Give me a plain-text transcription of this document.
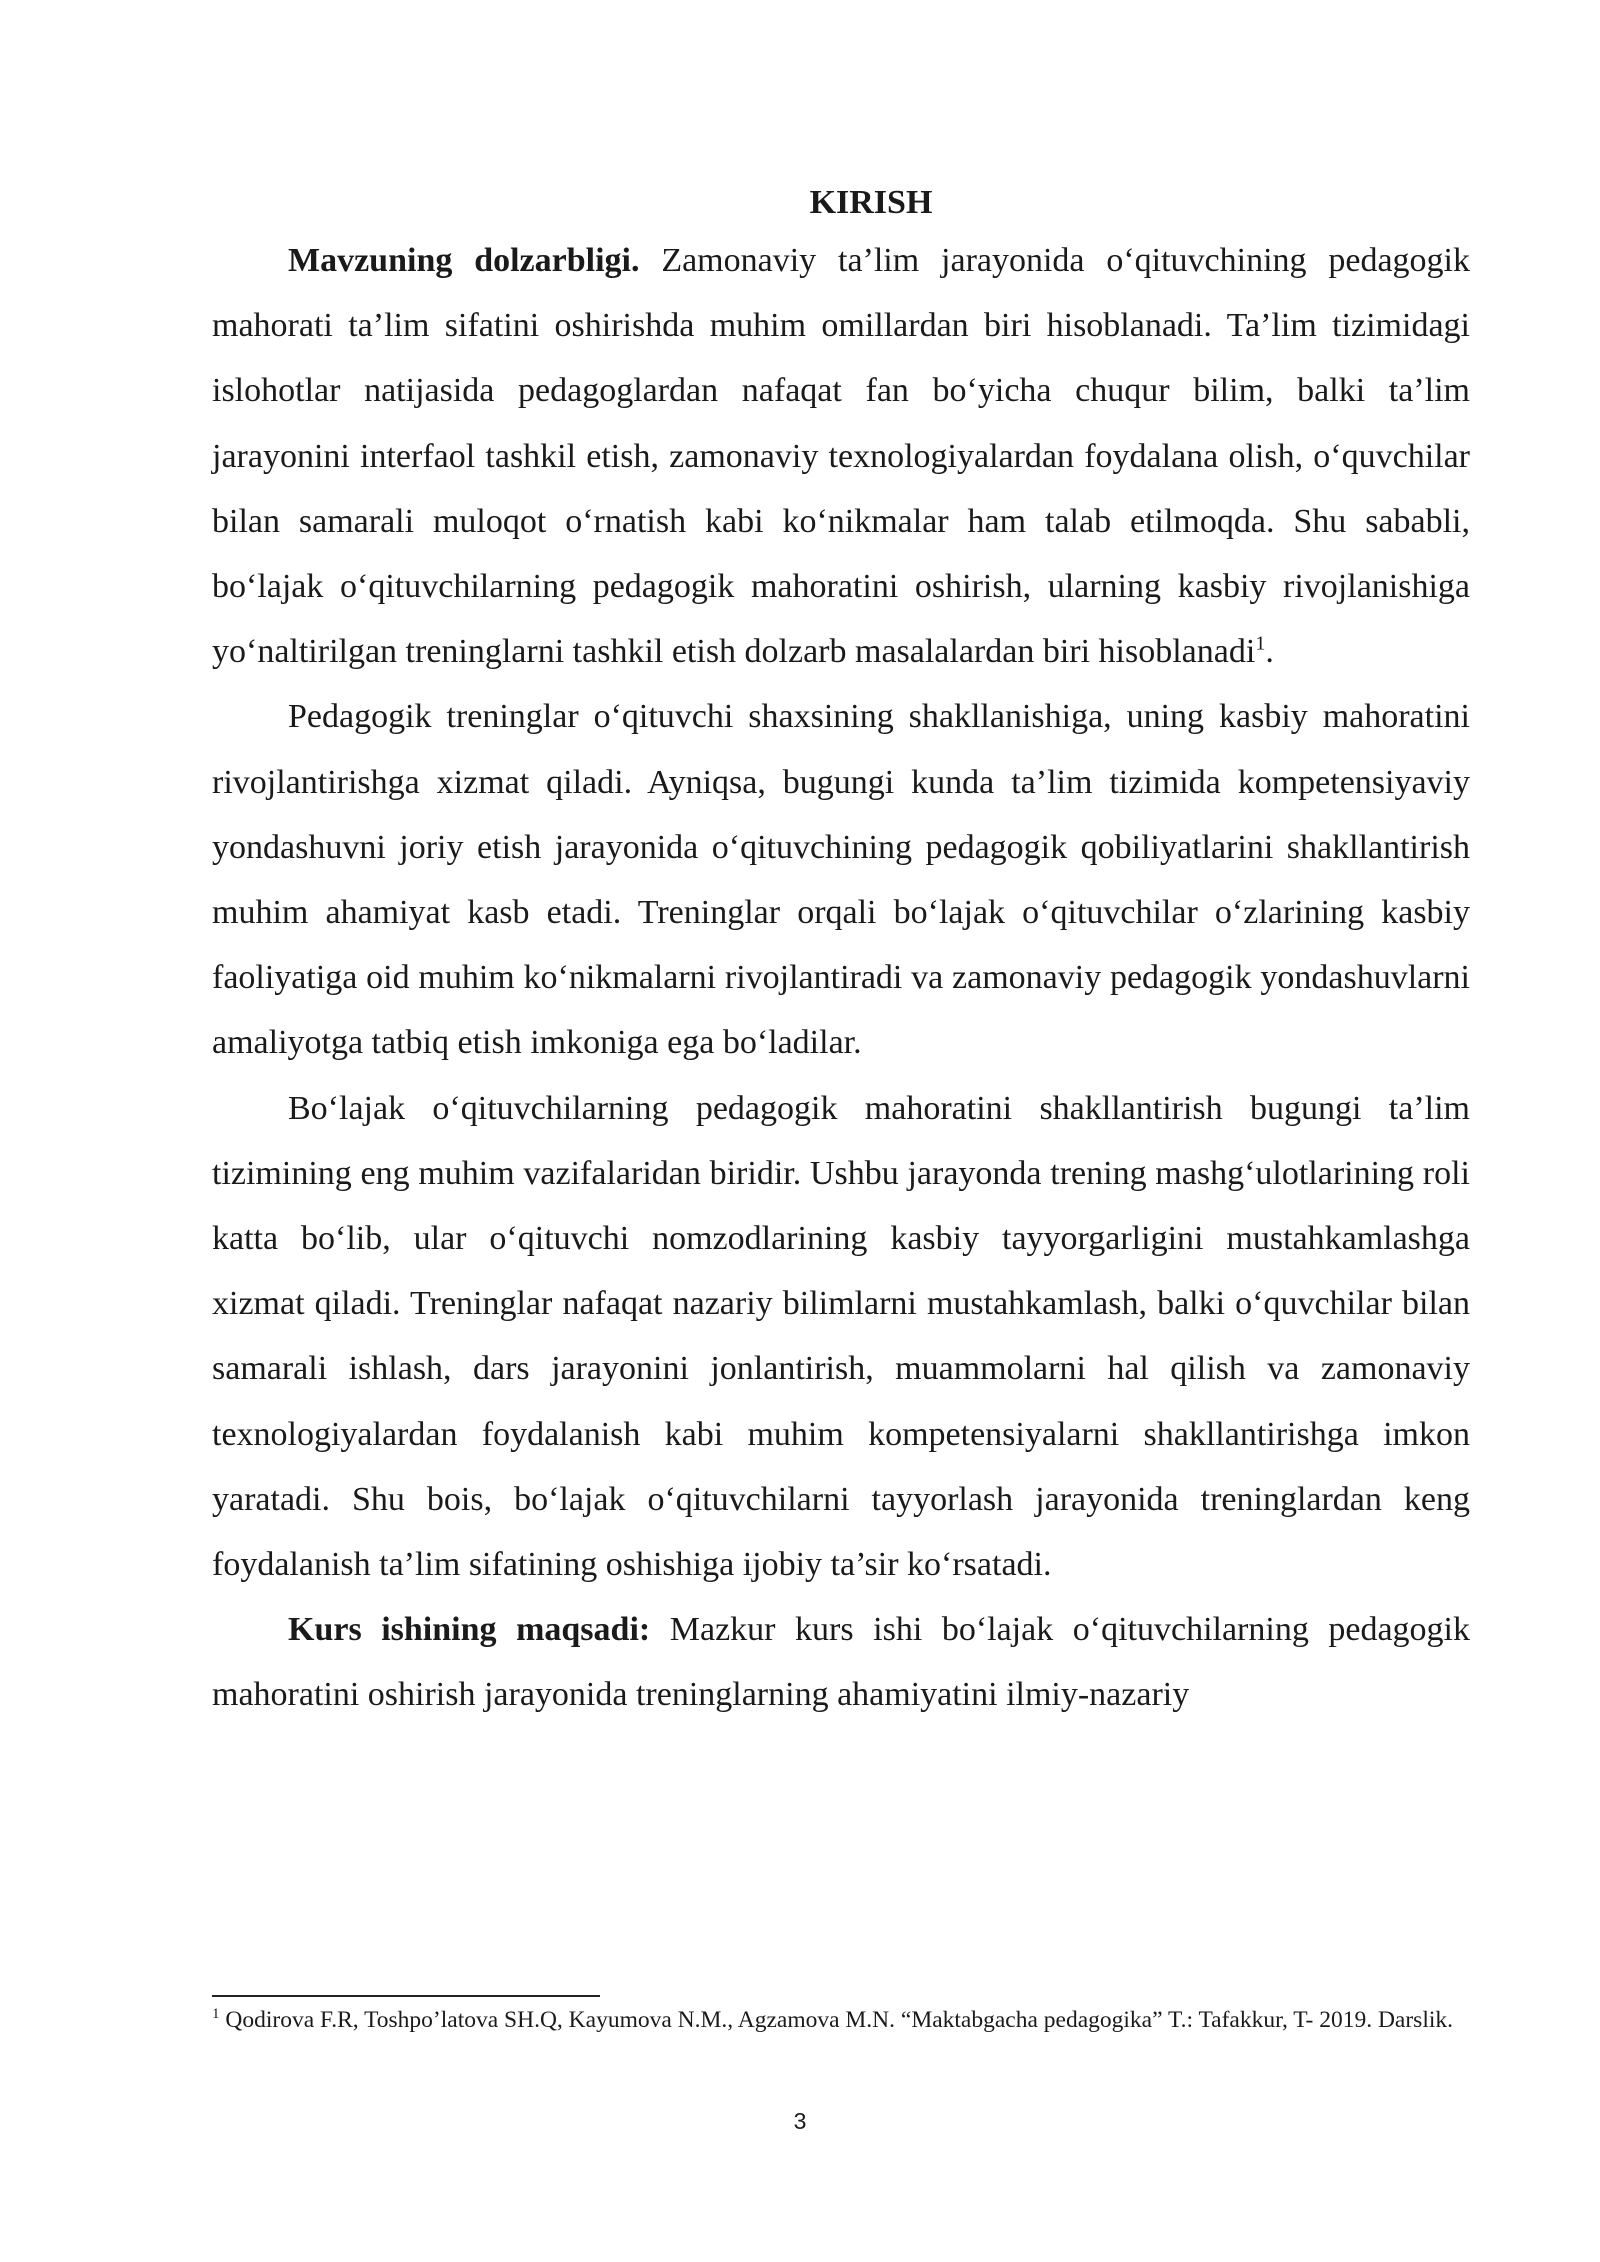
KIRISH

Mavzuning dolzarbligi. Zamonaviy ta’lim jarayonida o‘qituvchining pedagogik mahorati ta’lim sifatini oshirishda muhim omillardan biri hisoblanadi. Ta’lim tizimidagi islohotlar natijasida pedagoglardan nafaqat fan bo‘yicha chuqur bilim, balki ta’lim jarayonini interfaol tashkil etish, zamonaviy texnologiyalardan foydalana olish, o‘quvchilar bilan samarali muloqot o‘rnatish kabi ko‘nikmalar ham talab etilmoqda. Shu sababli, bo‘lajak o‘qituvchilarning pedagogik mahoratini oshirish, ularning kasbiy rivojlanishiga yo‘naltirilgan treninglarni tashkil etish dolzarb masalalardan biri hisoblanadi$^1$.

Pedagogik treninglar o‘qituvchi shaxsining shakllanishiga, uning kasbiy mahoratini rivojlantirishga xizmat qiladi. Ayniqsa, bugungi kunda ta’lim tizimida kompetensiyaviy yondashuvni joriy etish jarayonida o‘qituvchining pedagogik qobiliyatlarini shakllantirish muhim ahamiyat kasb etadi. Treninglar orqali bo‘lajak o‘qituvchilar o‘zlarining kasbiy faoliyatiga oid muhim ko‘nikmalarni rivojlantiradi va zamonaviy pedagogik yondashuvlarni amaliyotga tatbiq etish imkoniga ega bo‘ladilar.

Bo‘lajak o‘qituvchilarning pedagogik mahoratini shakllantirish bugungi ta’lim tizimining eng muhim vazifalaridan biridir. Ushbu jarayonda trening mashg‘ulotlarining roli katta bo‘lib, ular o‘qituvchi nomzodlarining kasbiy tayyorgarligini mustahkamlashga xizmat qiladi. Treninglar nafaqat nazariy bilimlarni mustahkamlash, balki o‘quvchilar bilan samarali ishlash, dars jarayonini jonlantirish, muammolarni hal qilish va zamonaviy texnologiyalardan foydalanish kabi muhim kompetensiyalarni shakllantirishga imkon yaratadi. Shu bois, bo‘lajak o‘qituvchilarni tayyorlash jarayonida treninglardan keng foydalanish ta’lim sifatining oshishiga ijobiy ta’sir ko‘rsatadi.

Kurs ishining maqsadi: Mazkur kurs ishi bo‘lajak o‘qituvchilarning pedagogik mahoratini oshirish jarayonida treninglarning ahamiyatini ilmiy-nazariy

$^1$ Qodirova F.R, Toshpo’latova SH.Q, Kayumova N.M., Agzamova M.N. “Maktabgacha pedagogika” T.: Tafakkur, T- 2019. Darslik.

3
